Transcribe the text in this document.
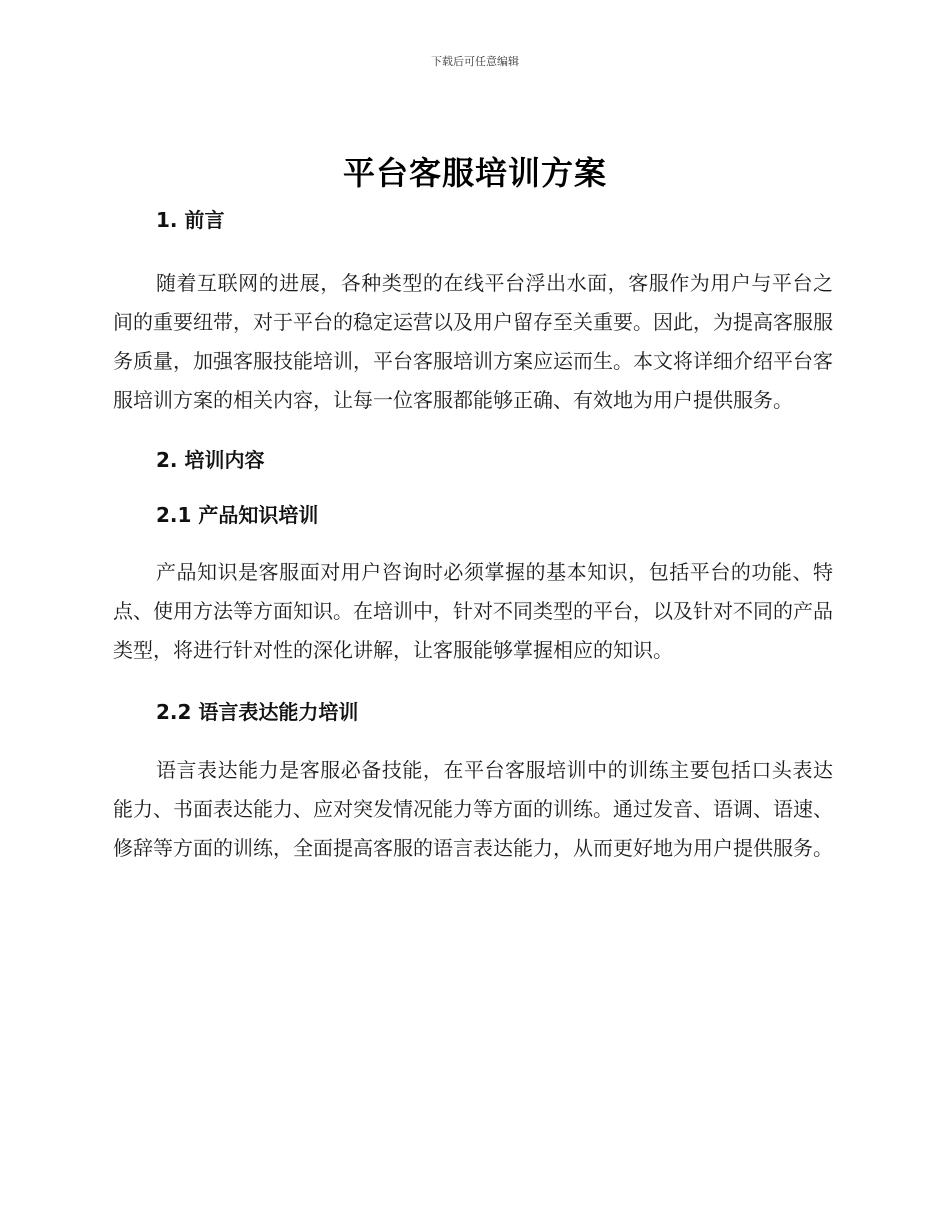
下载后可任意编辑
平台客服培训方案
1. 前言

随着互联网的进展，各种类型的在线平台浮出水面，客服作为用户与平台之间的重要纽带，对于平台的稳定运营以及用户留存至关重要。因此，为提高客服服务质量，加强客服技能培训，平台客服培训方案应运而生。本文将详细介绍平台客服培训方案的相关内容，让每一位客服都能够正确、有效地为用户提供服务。

2. 培训内容
2.1 产品知识培训

产品知识是客服面对用户咨询时必须掌握的基本知识，包括平台的功能、特点、使用方法等方面知识。在培训中，针对不同类型的平台，以及针对不同的产品类型，将进行针对性的深化讲解，让客服能够掌握相应的知识。

2.2 语言表达能力培训

语言表达能力是客服必备技能，在平台客服培训中的训练主要包括口头表达能力、书面表达能力、应对突发情况能力等方面的训练。通过发音、语调、语速、修辞等方面的训练，全面提高客服的语言表达能力，从而更好地为用户提供服务。
